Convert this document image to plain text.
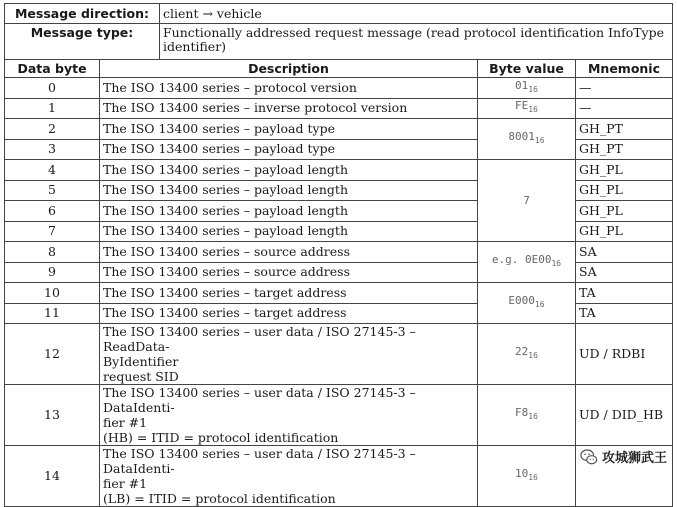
Message direction:	client → vehicle
Message type:	Functionally addressed request message (read protocol identification InfoType identifier)
Data byte	Description	Byte value	Mnemonic
0	The ISO 13400 series – protocol version	$01_{16}$	—
1	The ISO 13400 series – inverse protocol version	$FE_{16}$	—
2	The ISO 13400 series – payload type	$8001_{16}$	GH_PT
3	The ISO 13400 series – payload type		GH_PT
4	The ISO 13400 series – payload length	7	GH_PL
5	The ISO 13400 series – payload length		GH_PL
6	The ISO 13400 series – payload length		GH_PL
7	The ISO 13400 series – payload length		GH_PL
8	The ISO 13400 series – source address	e.g. $0E00_{16}$	SA
9	The ISO 13400 series – source address		SA
10	The ISO 13400 series – target address	$E000_{16}$	TA
11	The ISO 13400 series – target address		TA
12	The ISO 13400 series – user data / ISO 27145-3 – ReadData-
ByIdentifier
request SID	$22_{16}$	UD / RDBI
13	The ISO 13400 series – user data / ISO 27145-3 – DataIdenti-
fier #1
(HB) = ITID = protocol identification	$F8_{16}$	UD / DID_HB
14	The ISO 13400 series – user data / ISO 27145-3 – DataIdenti-
fier #1
(LB) = ITID = protocol identification	$10_{16}$	
攻城狮武王
